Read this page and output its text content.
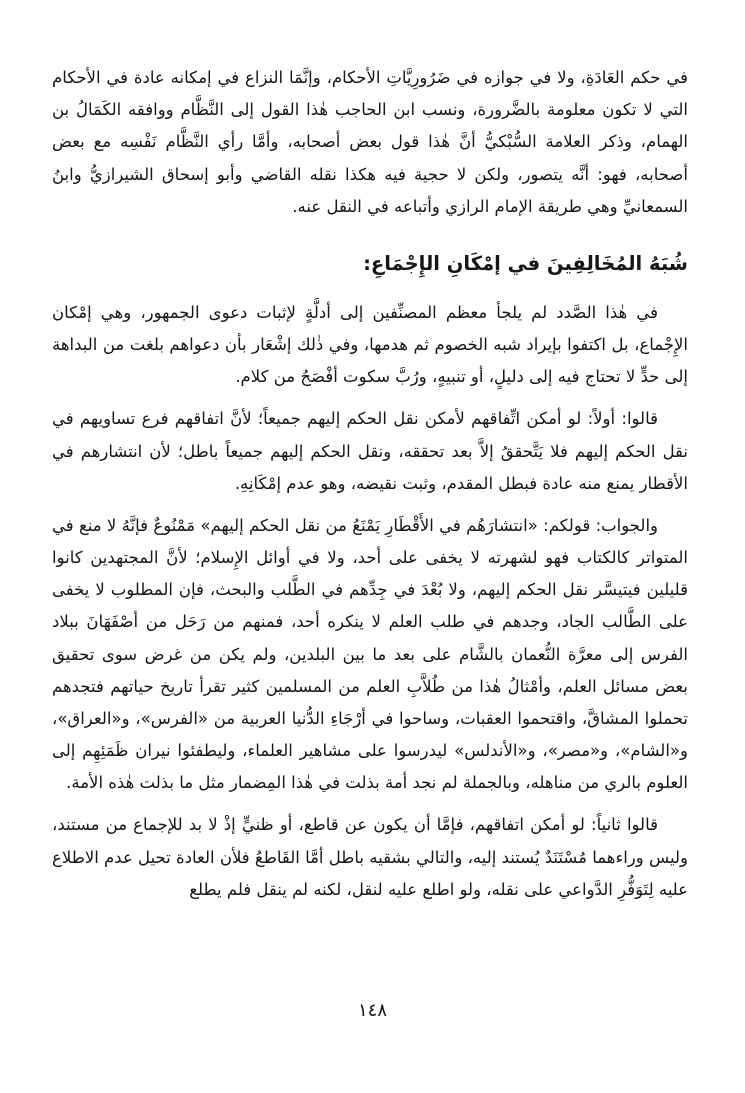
في حكم العَادَةِ، ولا في جوازه في ضَرُورِيَّاتِ الأحكام، وإنَّمَا النزاع في إمكانه عادة في الأحكام التي لا تكون معلومة بالضَّرورة، ونسب ابن الحاجب هٰذا القول إلى النَّظَّام ووافقه الكَمَالُ بن الهمام، وذكر العلامة السُّبْكيُّ أنَّ هٰذا قول بعض أصحابه، وأمَّا رأي النَّظَّام نَفْسِه مع بعض أصحابه، فهو: أنَّه يتصور، ولكن لا حجية فيه هكذا نقله القاضي وأبو إسحاق الشيرازيُّ وابنُ السمعانيِّ وهي طريقة الإمام الرازي وأتباعه في النقل عنه.

شُبَهُ المُخَالِفِينَ في إمْكَانِ الإِجْمَاعِ:

في هٰذا الصَّدد لم يلجأ معظم المصنِّفين إلى أدلَّةٍ لإثبات دعوى الجمهور، وهي إمْكان الإِجْماع، بل اكتفوا بإيراد شبه الخصوم ثم هدمها، وفي ذٰلك إشْعَار بأن دعواهم بلغت من البداهة إلى حدٍّ لا تحتاج فيه إلى دليلٍ، أو تنبيهٍ، ورُبَّ سكوت أفْصَحُ من كلام.

قالوا: أولاً: لو أمكن اتِّفاقهم لأمكن نقل الحكم إليهم جميعاً؛ لأنَّ اتفاقهم فرع تساويهم في نقل الحكم إليهم فلا يَتَّحققُ إلاَّ بعد تحققه، ونقل الحكم إليهم جميعاً باطل؛ لأن انتشارهم في الأقطار يمنع منه عادة فبطل المقدم، وثبت نقيضه، وهو عدم إمْكَانِهِ.

والجواب: قولكم: «انتشارَهُم في الأَقْطَارِ يَمْنَعُ من نقل الحكم إليهم» مَمْنُوعٌ فإنَّهُ لا منع في المتواتر كالكتاب فهو لشهرته لا يخفى على أحد، ولا في أوائل الإِسلام؛ لأنَّ المجتهدين كانوا قليلين فيتيسَّر نقل الحكم إليهم، ولا بُعْدَ في جِدِّهم في الطَّلب والبحث، فإن المطلوب لا يخفى على الطَّالب الجاد، وجدهم في طلب العلم لا ينكره أحد، فمنهم من رَحَل من أصْفَهَانَ ببلاد الفرس إلى معرَّة النُّعمان بالشَّام على بعد ما بين البلدين، ولم يكن من غرض سوى تحقيق بعض مسائل العلم، وأمْثالُ هٰذا من طُلاَّبِ العلم من المسلمين كثير تقرأ تاريخ حياتهم فتجدهم تحملوا المشاقَّ، واقتحموا العقبات، وساحوا في أرْجَاءِ الدُّنيا العربية من «الفرس»، و«العراق»، و«الشام»، و«مصر»، و«الأندلس» ليدرسوا على مشاهير العلماء، وليطفئوا نيران ظَمَئِهِم إلى العلوم بالري من مناهله، وبالجملة لم نجد أمة بذلت في هٰذا المِضمار مثل ما بذلت هٰذه الأمة.

قالوا ثانياً: لو أمكن اتفاقهم، فإمَّا أن يكون عن قاطع، أو ظنيٍّ إذْ لا بد للإجماع من مستند، وليس وراءهما مُسْتَنَدٌ يُستند إليه، والتالي بشقيه باطل أمَّا القَاطعُ فلأن العادة تحيل عدم الاطلاع عليه لِتَوَفُّرِ الدَّواعي على نقله، ولو اطلع عليه لنقل، لكنه لم ينقل فلم يطلع

١٤٨
